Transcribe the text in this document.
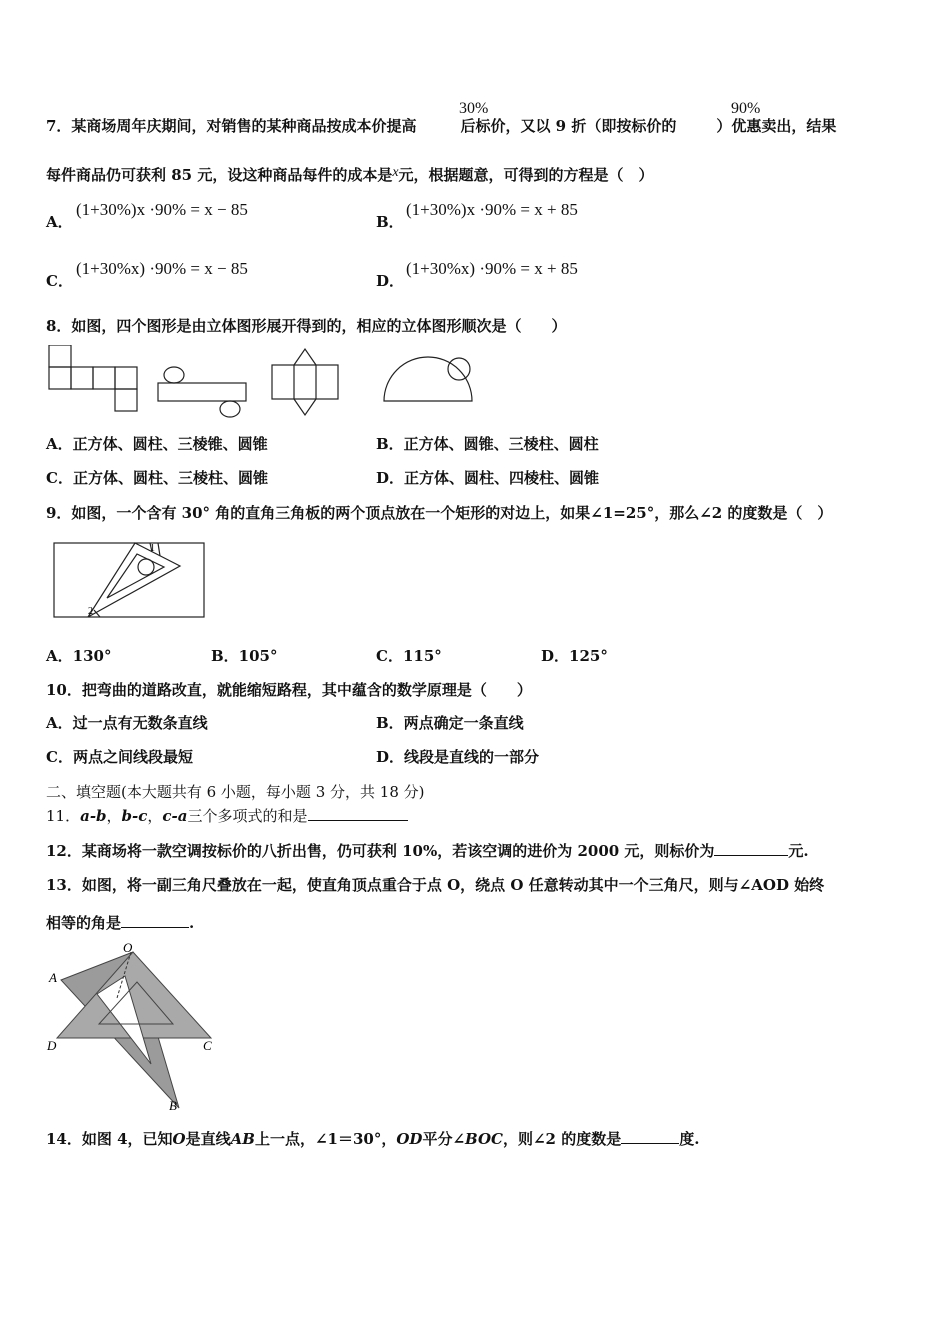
7．某商场周年庆期间，对销售的某种商品按成本价提高	后标价，又以 9 折（即按标价的	）优惠卖出，结果
30%	90%
每件商品仍可获利 85 元，设这种商品每件的成本是x元，根据题意，可得到的方程是（　）
A．
(1+30%)x ·90% = x − 85
B．
(1+30%)x ·90% = x + 85
C．
(1+30%x) ·90% = x − 85
D．
(1+30%x) ·90% = x + 85
8．如图，四个图形是由立体图形展开得到的，相应的立体图形顺次是（　　）
A．正方体、圆柱、三棱锥、圆锥	B．正方体、圆锥、三棱柱、圆柱
C．正方体、圆柱、三棱柱、圆锥	D．正方体、圆柱、四棱柱、圆锥
9．如图，一个含有 30° 角的直角三角板的两个顶点放在一个矩形的对边上，如果∠1=25°，那么∠2 的度数是（　）
1
2
A．130°	B．105°	C．115°	D．125°
10．把弯曲的道路改直，就能缩短路程，其中蕴含的数学原理是（　　）
A．过一点有无数条直线	B．两点确定一条直线
C．两点之间线段最短	D．线段是直线的一部分
二、填空题(本大题共有 6 小题，每小题 3 分，共 18 分)
11．a-b，b-c，c-a三个多项式的和是
12．某商场将一款空调按标价的八折出售，仍可获利 10%，若该空调的进价为 2000 元，则标价为	元.
13．如图，将一副三角尺叠放在一起，使直角顶点重合于点 O，绕点 O 任意转动其中一个三角尺，则与∠AOD 始终
相等的角是	.
O
A
D	C
B
14．如图 4，已知O是直线AB上一点，∠1＝30°，OD平分∠BOC，则∠2 的度数是	度.
